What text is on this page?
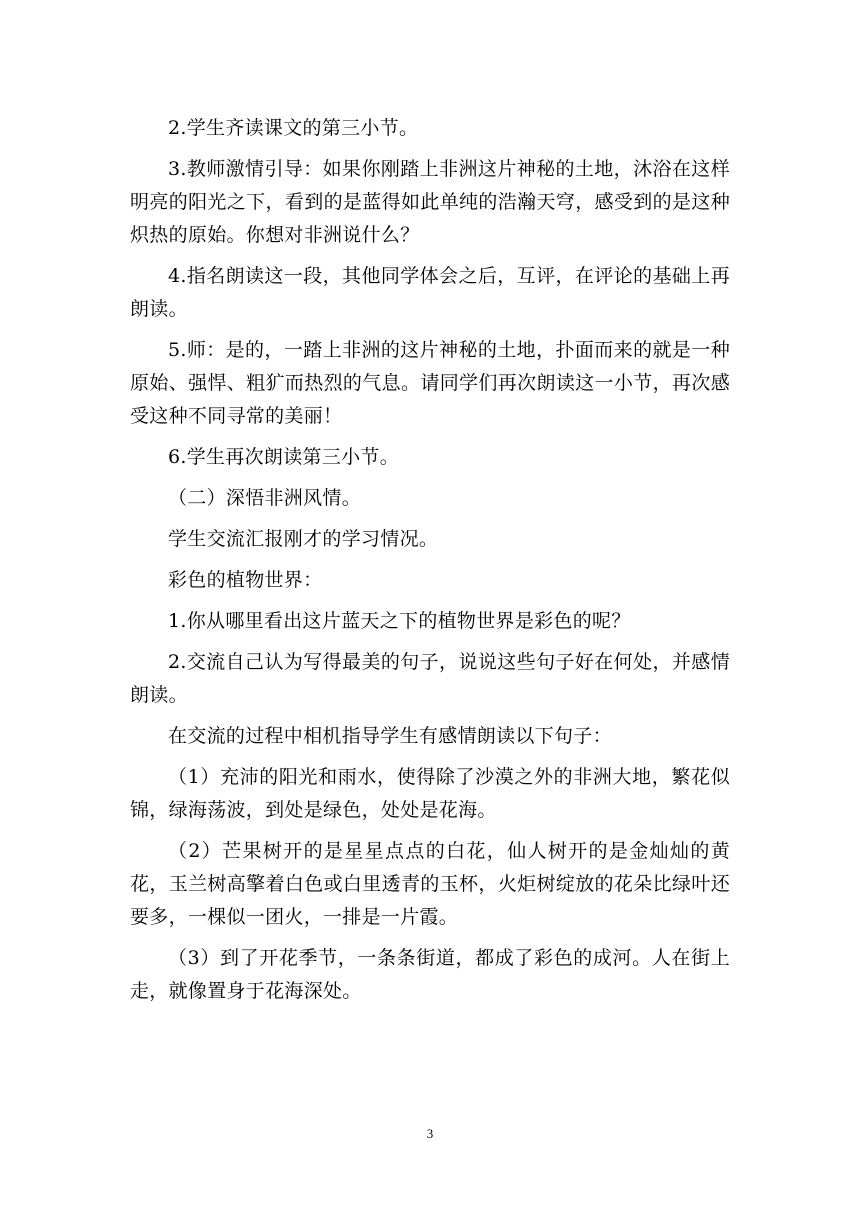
2.学生齐读课文的第三小节。

3.教师激情引导：如果你刚踏上非洲这片神秘的土地，沐浴在这样明亮的阳光之下，看到的是蓝得如此单纯的浩瀚天穹，感受到的是这种炽热的原始。你想对非洲说什么？

4.指名朗读这一段，其他同学体会之后，互评，在评论的基础上再朗读。

5.师：是的，一踏上非洲的这片神秘的土地，扑面而来的就是一种原始、强悍、粗犷而热烈的气息。请同学们再次朗读这一小节，再次感受这种不同寻常的美丽！

6.学生再次朗读第三小节。

（二）深悟非洲风情。

学生交流汇报刚才的学习情况。

彩色的植物世界：

1.你从哪里看出这片蓝天之下的植物世界是彩色的呢？

2.交流自己认为写得最美的句子，说说这些句子好在何处，并感情朗读。

在交流的过程中相机指导学生有感情朗读以下句子：

（1）充沛的阳光和雨水，使得除了沙漠之外的非洲大地，繁花似锦，绿海荡波，到处是绿色，处处是花海。

（2）芒果树开的是星星点点的白花，仙人树开的是金灿灿的黄花，玉兰树高擎着白色或白里透青的玉杯，火炬树绽放的花朵比绿叶还要多，一棵似一团火，一排是一片霞。

（3）到了开花季节，一条条街道，都成了彩色的成河。人在街上走，就像置身于花海深处。

3
